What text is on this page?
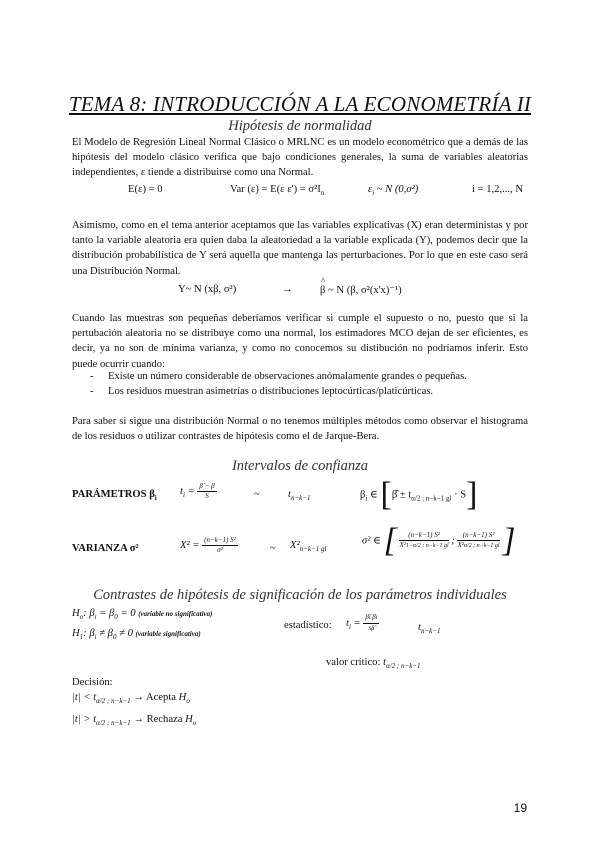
TEMA 8: INTRODUCCIÓN A LA ECONOMETRÍA II
Hipótesis de normalidad
El Modelo de Regresión Lineal Normal Clásico o MRLNC es un modelo econométrico que a demás de las hipótesis del modelo clásico verifica que bajo condiciones generales, la suma de variables aleatorias independientes, ε tiende a distribuirse como una Normal.
E(ε) = 0	Var (ε) = E(ε $\varepsilon') = \sigma^2I_n$	$\varepsilon_i$ ~ N (0,σ²)	i = 1,2,..., N
Asimismo, como en el tema anterior aceptamos que las variables explicativas (X) eran deterministas y por tanto la variable aleatoria era quien daba la aleatoriedad a la variable explicada (Y), podemos decir que la distribución probabilística de Y será aquella que mantenga las perturbaciones. Por lo que en este caso será una Distribución Normal.
Y~ N (xβ, σ²)	→
^	β ~ N (β, σ²(x'x)⁻¹)
Cuando las muestras son pequeñas deberíamos verificar si cumple el supuesto o no, puesto que si la pertubación aleatoria no se distribuye como una normal, los estimadores MCO dejan de ser eficientes, es decir, ya no son de mínima varianza, y como no conocemos su distibución no podríamos inferir. Esto puede ocurrir cuando:
- Existe un número considerable de observaciones anómalamente grandes o pequeñas.
- Los residuos muestran asimetrías o distribuciones leptocúrticas/platicúrticas.
Para saber si sigue una distribución Normal o no tenemos múltiples métodos como observar el histograma de los residuos o utilizar contrastes de hipótesis como el de Jarque-Bera.
Intervalos de confianza
PARÁMETROS $\beta_i$
$t_i = \frac{\betâ - \beta}{S}$	~	$t_{n-k-1}$	$\beta_i$ ∈ [β̂ ± $t_{\alpha/2 ; n-k-1 gl} \cdot S$]
VARIANZA σ²	$X^2 = \frac{\text{(n−k−1) S²}}{\text{σ²}}$	~ $X^2_{n-k-1 gl}$
σ² ∈ [ $\frac{\text{(n−k−1) S²}}{\text{X²1−α/2 ; n−k−1 gl}}$ ; $\frac{\text{(n−k−1) S²}}{\text{X²α/2 ; n−k−1 gl}}$ ]
Contrastes de hipótesis de significación de los parámetros individuales
$H_o$: $\beta_i = \beta_0 = 0$ (variable no significativa)
$H_1$: $\beta_i \ne \beta_0 \ne 0$ (variable significativa)
estadístico: $t_i = \frac{\text{β̂i βi}}{s\betâ}$	$t_{n-k-1}$
valor crítico: $t_{\alpha/2 ; n-k-1}$
Decisión:
$|t| < t_{\alpha/2 ; n-k-1}$ → Acepta $H_o$
$|t| > t_{\alpha/2 ; n-k-1}$ → Rechaza $H_o$
19
